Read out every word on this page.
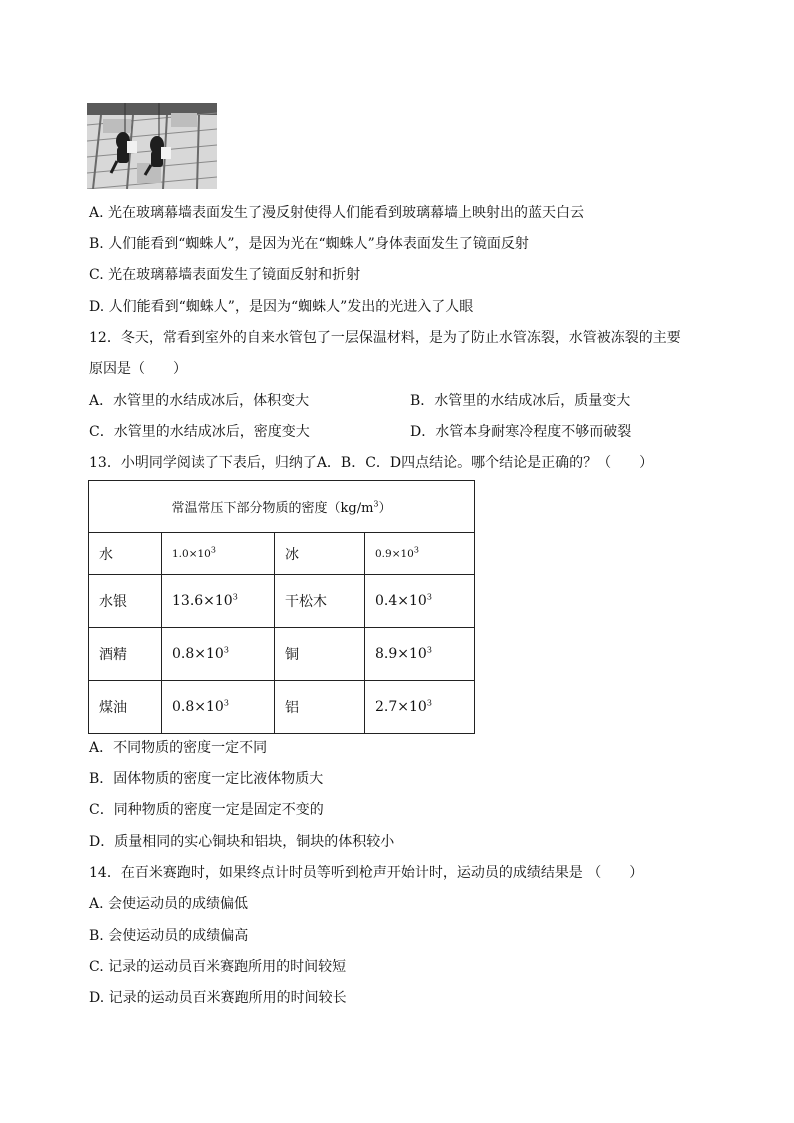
A. 光在玻璃幕墙表面发生了漫反射使得人们能看到玻璃幕墙上映射出的蓝天白云
B. 人们能看到“蜘蛛人”，是因为光在“蜘蛛人”身体表面发生了镜面反射
C. 光在玻璃幕墙表面发生了镜面反射和折射
D. 人们能看到“蜘蛛人”，是因为“蜘蛛人”发出的光进入了人眼
12．冬天，常看到室外的自来水管包了一层保温材料，是为了防止水管冻裂，水管被冻裂的主要
原因是（　　）
A．水管里的水结成冰后，体积变大	B．水管里的水结成冰后，质量变大
C．水管里的水结成冰后，密度变大	D．水管本身耐寒冷程度不够而破裂
13．小明同学阅读了下表后，归纳了A．B．C．D四点结论。哪个结论是正确的？（　　）
常温常压下部分物质的密度$(kg/m^3)$			
水	$1.0\times 10^3$	冰	$0.9\times 10^3$
水银	$13.6\times 10^3$	干松木	$0.4\times 10^3$
酒精	$0.8\times 10^3$	铜	$8.9\times 10^3$
煤油	$0.8\times 10^3$	铝	$2.7\times 10^3$
A．不同物质的密度一定不同
B．固体物质的密度一定比液体物质大
C．同种物质的密度一定是固定不变的
D．质量相同的实心铜块和铝块，铜块的体积较小
14．在百米赛跑时，如果终点计时员等听到枪声开始计时，运动员的成绩结果是 （　　）
A. 会使运动员的成绩偏低
B. 会使运动员的成绩偏高
C. 记录的运动员百米赛跑所用的时间较短
D. 记录的运动员百米赛跑所用的时间较长
